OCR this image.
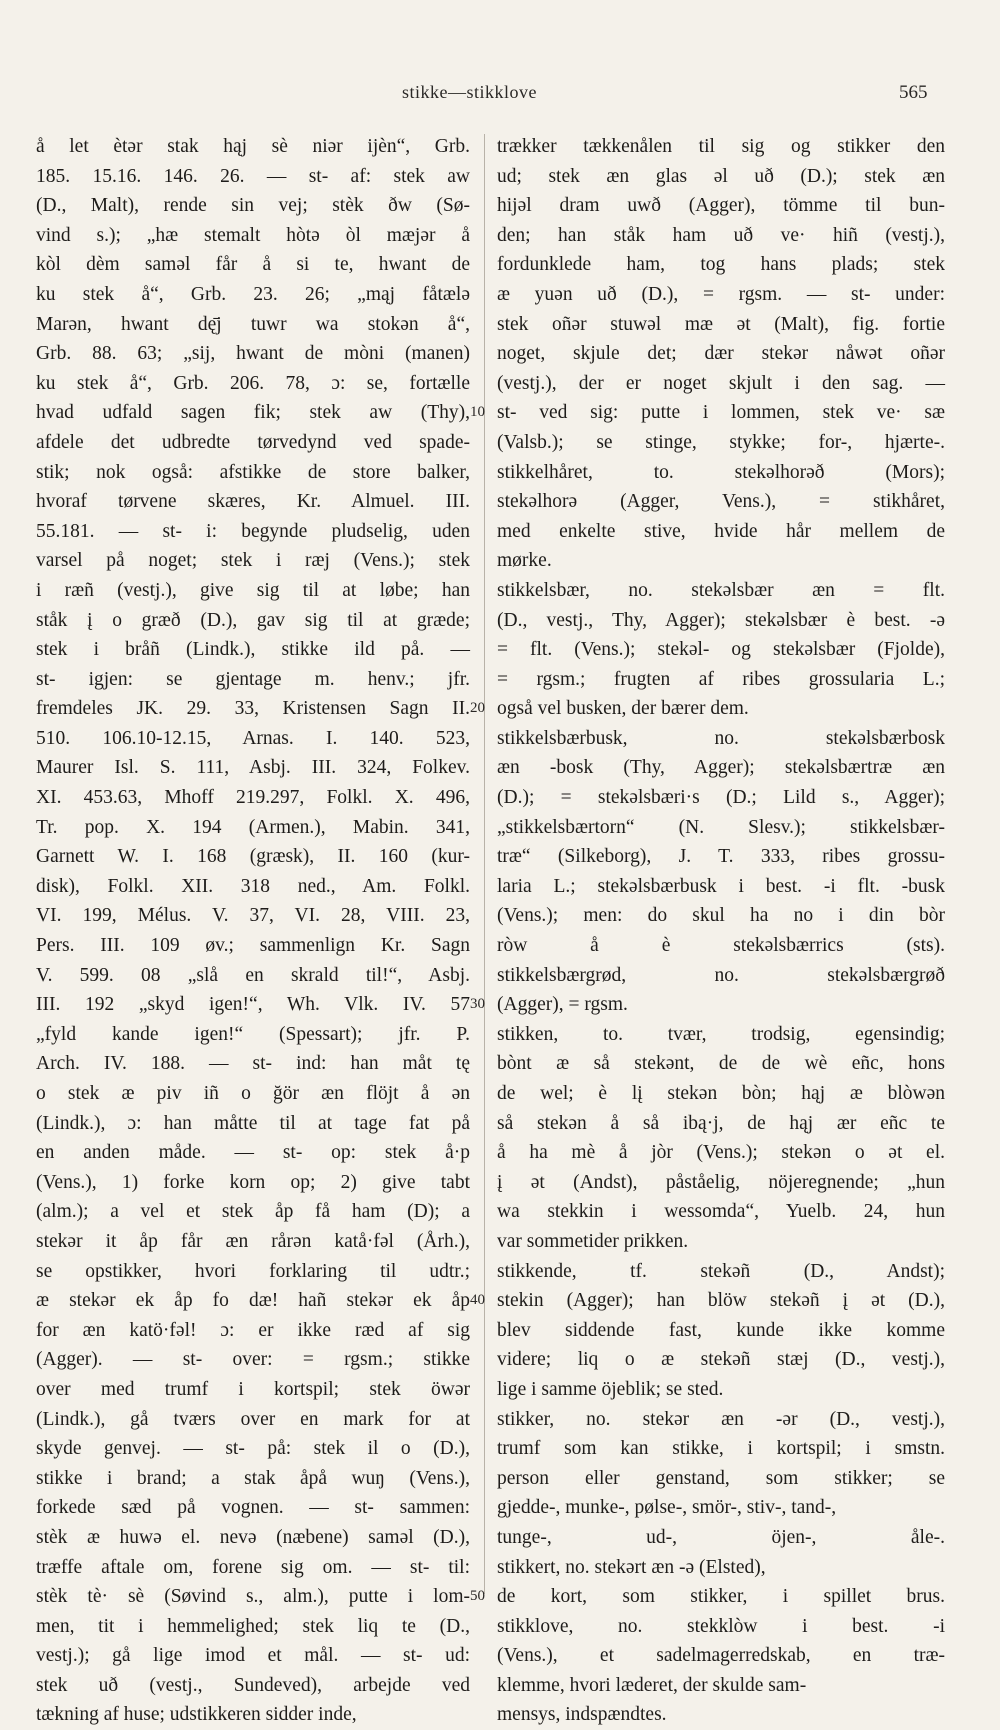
stikke—stikklove	565
å let ètər stak hąj sè niər ijèn“, Grb.
185. 15.16. 146. 26. — st- af: stek aw
(D., Malt), rende sin vej; stèk ðw (Sø-
vind s.); „hæ stemalt hòtə òl mæjər å
kòl dèm saməl får å si te, hwant de
ku stek å“, Grb. 23. 26; „mąj fåtælə
Marən, hwant dę̄j tuwr wa stokən å“,
Grb. 88. 63; „sij, hwant de mòni (manen)
ku stek å“, Grb. 206. 78, ɔ: se, fortælle
hvad udfald sagen fik; stek aw (Thy),
afdele det udbredte tørvedynd ved spade-
stik; nok også: afstikke de store balker,
hvoraf tørvene skæres, Kr. Almuel. III.
55.181. — st- i: begynde pludselig, uden
varsel på noget; stek i ræj (Vens.); stek
i ræñ (vestj.), give sig til at løbe; han
ståk į o græð (D.), gav sig til at græde;
stek i bråñ (Lindk.), stikke ild på. —
st- igjen: se gjentage m. henv.; jfr.
fremdeles JK. 29. 33, Kristensen Sagn II.
510. 106.10-12.15, Arnas. I. 140. 523,
Maurer Isl. S. 111, Asbj. III. 324, Folkev.
XI. 453.63, Mhoff 219.297, Folkl. X. 496,
Tr. pop. X. 194 (Armen.), Mabin. 341,
Garnett W. I. 168 (græsk), II. 160 (kur-
disk), Folkl. XII. 318 ned., Am. Folkl.
VI. 199, Mélus. V. 37, VI. 28, VIII. 23,
Pers. III. 109 øv.; sammenlign Kr. Sagn
V. 599. 08 „slå en skrald til!“, Asbj.
III. 192 „skyd igen!“, Wh. Vlk. IV. 57
„fyld kande igen!“ (Spessart); jfr. P.
Arch. IV. 188. — st- ind: han måt tę
o stek æ piv iñ o ğör æn flöjt å ən
(Lindk.), ɔ: han måtte til at tage fat på
en anden måde. — st- op: stek å·p
(Vens.), 1) forke korn op; 2) give tabt
(alm.); a vel et stek åp få ham (D); a
stekər it åp får æn rårən katå·fəl (Årh.),
se opstikker, hvori forklaring til udtr.;
æ stekər ek åp fo dæ! hañ stekər ek åp
for æn katö·fəl! ɔ: er ikke ræd af sig
(Agger). — st- over: = rgsm.; stikke
over med trumf i kortspil; stek öwər
(Lindk.), gå tværs over en mark for at
skyde genvej. — st- på: stek il o (D.),
stikke i brand; a stak åpå wuŋ (Vens.),
forkede sæd på vognen. — st- sammen:
stèk æ huwə el. nevə (næbene) saməl (D.),
træffe aftale om, forene sig om. — st- til:
stèk tè· sè (Søvind s., alm.), putte i lom-
men, tit i hemmelighed; stek liq te (D.,
vestj.); gå lige imod et mål. — st- ud:
stek uð (vestj., Sundeved), arbejde ved
tækning af huse; udstikkeren sidder inde,
trækker tækkenålen til sig og stikker den
ud; stek æn glas əl uð (D.); stek æn
hijəl dram uwð (Agger), tömme til bun-
den; han ståk ham uð ve· hiñ (vestj.),
fordunklede ham, tog hans plads; stek
æ yuən uð (D.), = rgsm. — st- under:
stek oñər stuwəl mæ ət (Malt), fig. fortie
noget, skjule det; dær stekər nåwət oñər
(vestj.), der er noget skjult i den sag. —
st- ved sig: putte i lommen, stek ve· sæ
(Valsb.); se stinge, stykke; for-, hjærte-.
stikkelhåret, to. stekəlhorəð (Mors);
stekəlhorə (Agger, Vens.), = stikhåret,
med enkelte stive, hvide hår mellem de
mørke.
stikkelsbær, no. stekəlsbær æn = flt.
(D., vestj., Thy, Agger); stekəlsbær è best. -ə
= flt. (Vens.); stekəl- og stekəlsbær (Fjolde),
= rgsm.; frugten af ribes grossularia L.;
også vel busken, der bærer dem.
stikkelsbærbusk, no. stekəlsbærbosk
æn -bosk (Thy, Agger); stekəlsbærtræ æn
(D.); = stekəlsbæri·s (D.; Lild s., Agger);
„stikkelsbærtorn“ (N. Slesv.); stikkelsbær-
træ“ (Silkeborg), J. T. 333, ribes grossu-
laria L.; stekəlsbærbusk i best. -i flt. -busk
(Vens.); men: do skul ha no i din bòr
ròw å è stekəlsbærrics (sts).
stikkelsbærgrød, no. stekəlsbærgrøð
(Agger), = rgsm.
stikken, to. tvær, trodsig, egensindig;
bònt æ så stekənt, de de wè eñc, hons
de wel; è lį stekən bòn; hąj æ blòwən
så stekən å så ibą·j, de hąj ær eñc te
å ha mè å jòr (Vens.); stekən o ət el.
į ət (Andst), påståelig, nöjeregnende; „hun
wa stekkin i wessomda“, Yuelb. 24, hun
var sommetider prikken.
stikkende, tf. stekəñ (D., Andst);
stekin (Agger); han blöw stekəñ į ət (D.),
blev siddende fast, kunde ikke komme
videre; liq o æ stekəñ stæj (D., vestj.),
lige i samme öjeblik; se sted.
stikker, no. stekər æn -ər (D., vestj.),
trumf som kan stikke, i kortspil; i smstn.
person eller genstand, som stikker; se
gjedde-, munke-, pølse-, smör-, stiv-, tand-,
tunge-, ud-, öjen-, åle-.
stikkert, no. stekərt æn -ə (Elsted),
de kort, som stikker, i spillet brus.
stikklove, no. stekklòw i best. -i
(Vens.), et sadelmagerredskab, en træ-
klemme, hvori læderet, der skulde sam-
mensys, indspændtes.
10
20
30
40
50
